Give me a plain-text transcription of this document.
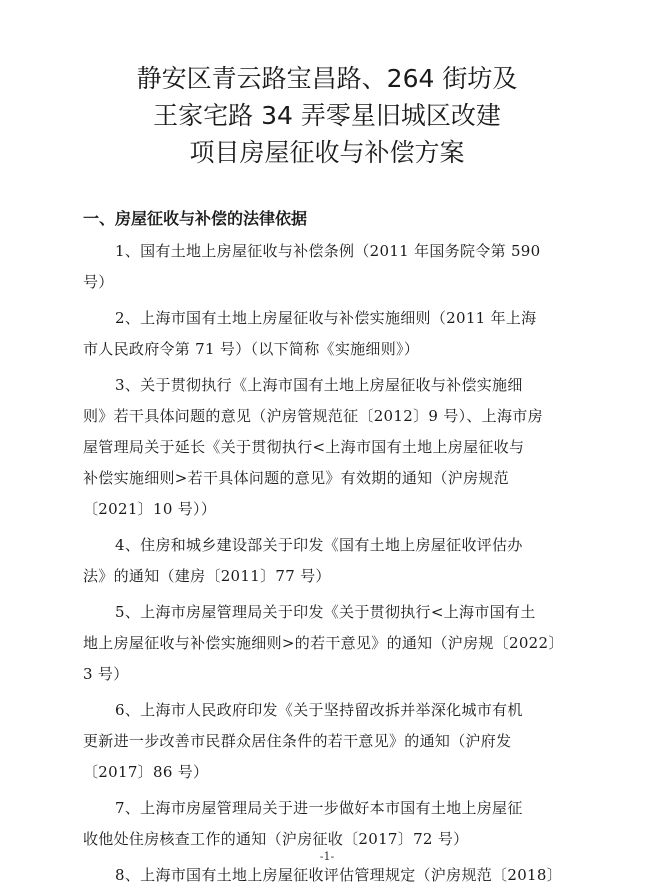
静安区青云路宝昌路、264 街坊及
王家宅路 34 弄零星旧城区改建
项目房屋征收与补偿方案
一、房屋征收与补偿的法律依据
1、国有土地上房屋征收与补偿条例（2011 年国务院令第 590
号）
2、上海市国有土地上房屋征收与补偿实施细则（2011 年上海
市人民政府令第 71 号）（以下简称《实施细则》）
3、关于贯彻执行《上海市国有土地上房屋征收与补偿实施细
则》若干具体问题的意见（沪房管规范征〔2012〕9 号）、上海市房
屋管理局关于延长《关于贯彻执行<上海市国有土地上房屋征收与
补偿实施细则>若干具体问题的意见》有效期的通知（沪房规范
〔2021〕10 号））
4、住房和城乡建设部关于印发《国有土地上房屋征收评估办
法》的通知（建房〔2011〕77 号）
5、上海市房屋管理局关于印发《关于贯彻执行<上海市国有土
地上房屋征收与补偿实施细则>的若干意见》的通知（沪房规〔2022〕
3 号）
6、上海市人民政府印发《关于坚持留改拆并举深化城市有机
更新进一步改善市民群众居住条件的若干意见》的通知（沪府发
〔2017〕86 号）
7、上海市房屋管理局关于进一步做好本市国有土地上房屋征
收他处住房核查工作的通知（沪房征收〔2017〕72 号）
8、上海市国有土地上房屋征收评估管理规定（沪房规范〔2018〕
-1-
